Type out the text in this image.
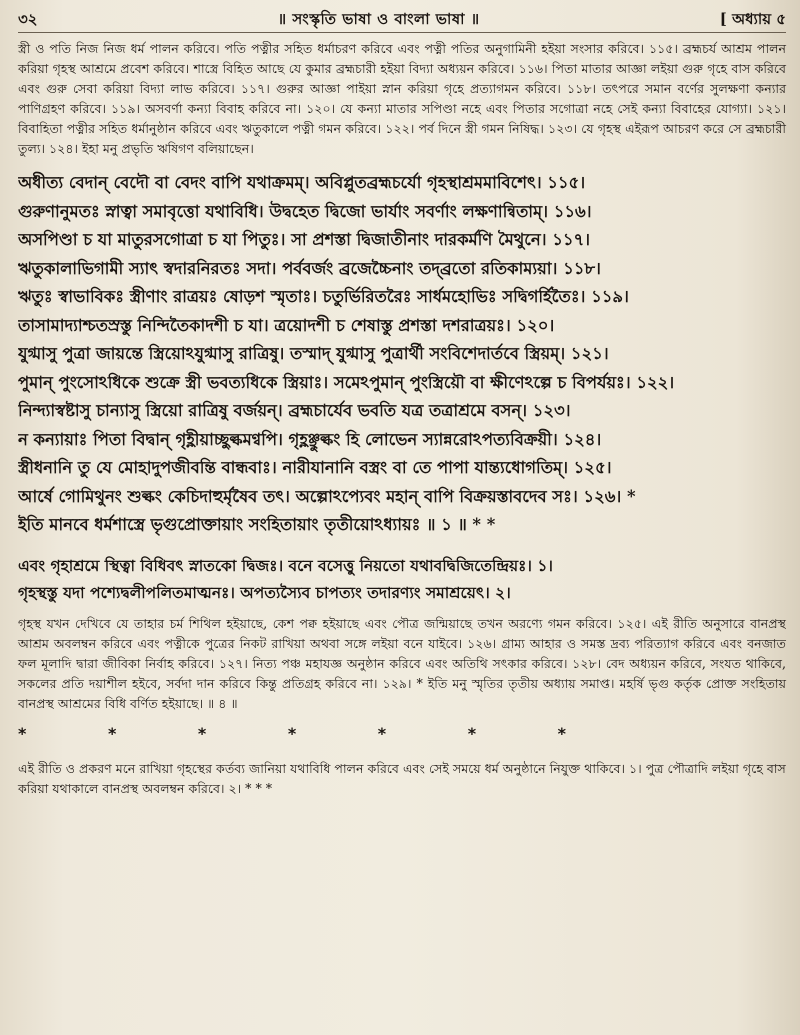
৩২	॥ সংস্কৃতি ভাষা ও বাংলা ভাষা ॥	[ অধ্যায় ৫

স্ত্রী ও পতি নিজ নিজ ধর্ম পালন করিবে। পতি পত্নীর সহিত ধর্মাচরণ করিবে এবং পত্নী পতির অনুগামিনী হইয়া সংসার করিবে। ১১৫। ব্রহ্মচর্য আশ্রম পালন করিয়া গৃহস্থ আশ্রমে প্রবেশ করিবে। শাস্ত্রে বিহিত আছে যে কুমার ব্রহ্মচারী হইয়া বিদ্যা অধ্যয়ন করিবে। ১১৬। পিতা মাতার আজ্ঞা লইয়া গুরু গৃহে বাস করিবে এবং গুরু সেবা করিয়া বিদ্যা লাভ করিবে। ১১৭। গুরুর আজ্ঞা পাইয়া স্নান করিয়া গৃহে প্রত্যাগমন করিবে। ১১৮। তৎপরে সমান বর্ণের সুলক্ষণা কন্যার পাণিগ্রহণ করিবে। ১১৯। অসবর্ণা কন্যা বিবাহ করিবে না। ১২০। যে কন্যা মাতার সপিণ্ডা নহে এবং পিতার সগোত্রা নহে সেই কন্যা বিবাহের যোগ্যা। ১২১। বিবাহিতা পত্নীর সহিত ধর্মানুষ্ঠান করিবে এবং ঋতুকালে পত্নী গমন করিবে। ১২২। পর্ব দিনে স্ত্রী গমন নিষিদ্ধ। ১২৩। যে গৃহস্থ এইরূপ আচরণ করে সে ব্রহ্মচারী তুল্য। ১২৪। ইহা মনু প্রভৃতি ঋষিগণ বলিয়াছেন।

অধীত্য বেদান্ বেদৌ বা বেদং বাপি যথাক্রমম্। অবিপ্লুতব্রহ্মচর্যো গৃহস্থাশ্রমমাবিশেৎ। ১১৫।
গুরুণানুমতঃ স্নাত্বা সমাবৃত্তো যথাবিধি। উদ্বহেত দ্বিজো ভার্যাং সবর্ণাং লক্ষণান্বিতাম্। ১১৬।
অসপিণ্ডা চ যা মাতুরসগোত্রা চ যা পিতুঃ। সা প্রশস্তা দ্বিজাতীনাং দারকর্মণি মৈথুনে। ১১৭।
ঋতুকালাভিগামী স্যাৎ স্বদারনিরতঃ সদা। পর্ববর্জং ব্রজেচ্চৈনাং তদ্‌ব্রতো রতিকাম্যয়া। ১১৮।
ঋতুঃ স্বাভাবিকঃ স্ত্রীণাং রাত্রয়ঃ ষোড়শ স্মৃতাঃ। চতুর্ভিরিতরৈঃ সার্ধমহোভিঃ সদ্বিগর্হিতৈঃ। ১১৯।
তাসামাদ্যাশ্চতস্রস্তু নিন্দিতৈকাদশী চ যা। ত্রয়োদশী চ শেষাস্তু প্রশস্তা দশরাত্রয়ঃ। ১২০।
যুগ্মাসু পুত্রা জায়ন্তে স্ত্রিয়োঽযুগ্মাসু রাত্রিষু। তস্মাদ্ যুগ্মাসু পুত্রার্থী সংবিশেদার্তবে স্ত্রিয়ম্। ১২১।
পুমান্ পুংসোঽধিকে শুক্রে স্ত্রী ভবত্যধিকে স্ত্রিয়াঃ। সমেঽপুমান্ পুংস্ত্রিয়ৌ বা ক্ষীণেঽল্পে চ বিপর্যয়ঃ। ১২২।
নিন্দ্যাস্বষ্টাসু চান্যাসু স্ত্রিয়ো রাত্রিষু বর্জয়ন্। ব্রহ্মচার্যেব ভবতি যত্র তত্রাশ্রমে বসন্। ১২৩।
ন কন্যায়াঃ পিতা বিদ্বান্ গৃহ্ণীয়াচ্ছুল্কমণ্বপি। গৃহ্ণঞ্ছুল্কং হি লোভেন স্যান্নরোঽপত্যবিক্রয়ী। ১২৪।
স্ত্রীধনানি তু যে মোহাদুপজীবন্তি বান্ধবাঃ। নারীযানানি বস্ত্রং বা তে পাপা যান্ত্যধোগতিম্। ১২৫।
আর্ষে গোমিথুনং শুল্কং কেচিদাহুর্মৃষৈব তৎ। অল্পোঽপ্যেবং মহান্ বাপি বিক্রয়স্তাবদেব সঃ। ১২৬। *
ইতি মানবে ধর্মশাস্ত্রে ভৃগুপ্রোক্তায়াং সংহিতায়াং তৃতীয়োঽধ্যায়ঃ ॥ ১ ॥ * *
এবং গৃহাশ্রমে স্থিত্বা বিধিবৎ স্নাতকো দ্বিজঃ। বনে বসেত্তু নিয়তো যথাবদ্বিজিতেন্দ্রিয়ঃ। ১।
গৃহস্থস্তু যদা পশ্যেদ্বলীপলিতমাত্মনঃ। অপত্যস্যৈব চাপত্যং তদারণ্যং সমাশ্রয়েৎ। ২।

গৃহস্থ যখন দেখিবে যে তাহার চর্ম শিথিল হইয়াছে, কেশ পক্ব হইয়াছে এবং পৌত্র জন্মিয়াছে তখন অরণ্যে গমন করিবে। ১২৫। এই রীতি অনুসারে বানপ্রস্থ আশ্রম অবলম্বন করিবে এবং পত্নীকে পুত্রের নিকট রাখিয়া অথবা সঙ্গে লইয়া বনে যাইবে। ১২৬। গ্রাম্য আহার ও সমস্ত দ্রব্য পরিত্যাগ করিবে এবং বনজাত ফল মূলাদি দ্বারা জীবিকা নির্বাহ করিবে। ১২৭। নিত্য পঞ্চ মহাযজ্ঞ অনুষ্ঠান করিবে এবং অতিথি সৎকার করিবে। ১২৮। বেদ অধ্যয়ন করিবে, সংযত থাকিবে, সকলের প্রতি দয়াশীল হইবে, সর্বদা দান করিবে কিন্তু প্রতিগ্রহ করিবে না। ১২৯। * ইতি মনু স্মৃতির তৃতীয় অধ্যায় সমাপ্ত। মহর্ষি ভৃগু কর্তৃক প্রোক্ত সংহিতায় বানপ্রস্থ আশ্রমের বিধি বর্ণিত হইয়াছে। ॥ ৪ ॥

* * * * * * *

এই রীতি ও প্রকরণ মনে রাখিয়া গৃহস্থের কর্তব্য জানিয়া যথাবিধি পালন করিবে এবং সেই সময়ে ধর্ম অনুষ্ঠানে নিযুক্ত থাকিবে। ১। পুত্র পৌত্রাদি লইয়া গৃহে বাস করিয়া যথাকালে বানপ্রস্থ অবলম্বন করিবে। ২। * * *
